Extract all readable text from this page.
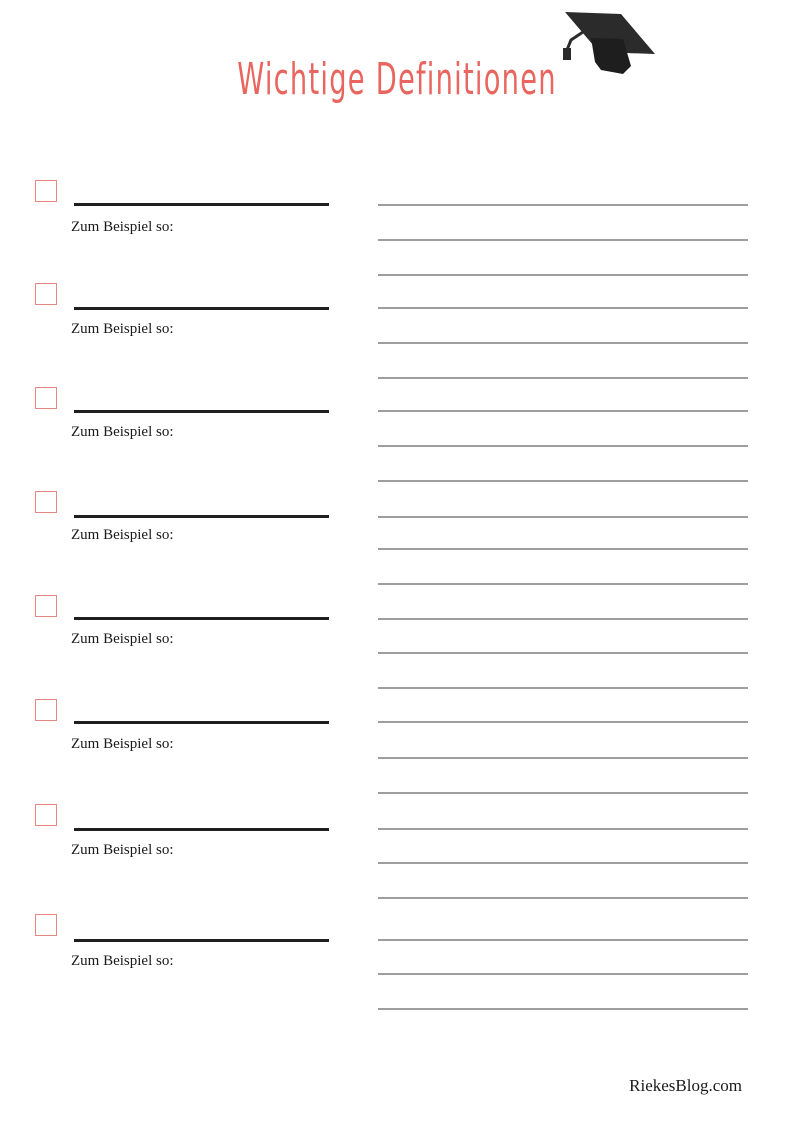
Wichtige Definitionen
Zum Beispiel so:
Zum Beispiel so:
Zum Beispiel so:
Zum Beispiel so:
Zum Beispiel so:
Zum Beispiel so:
Zum Beispiel so:
Zum Beispiel so:
RiekesBlog.com
